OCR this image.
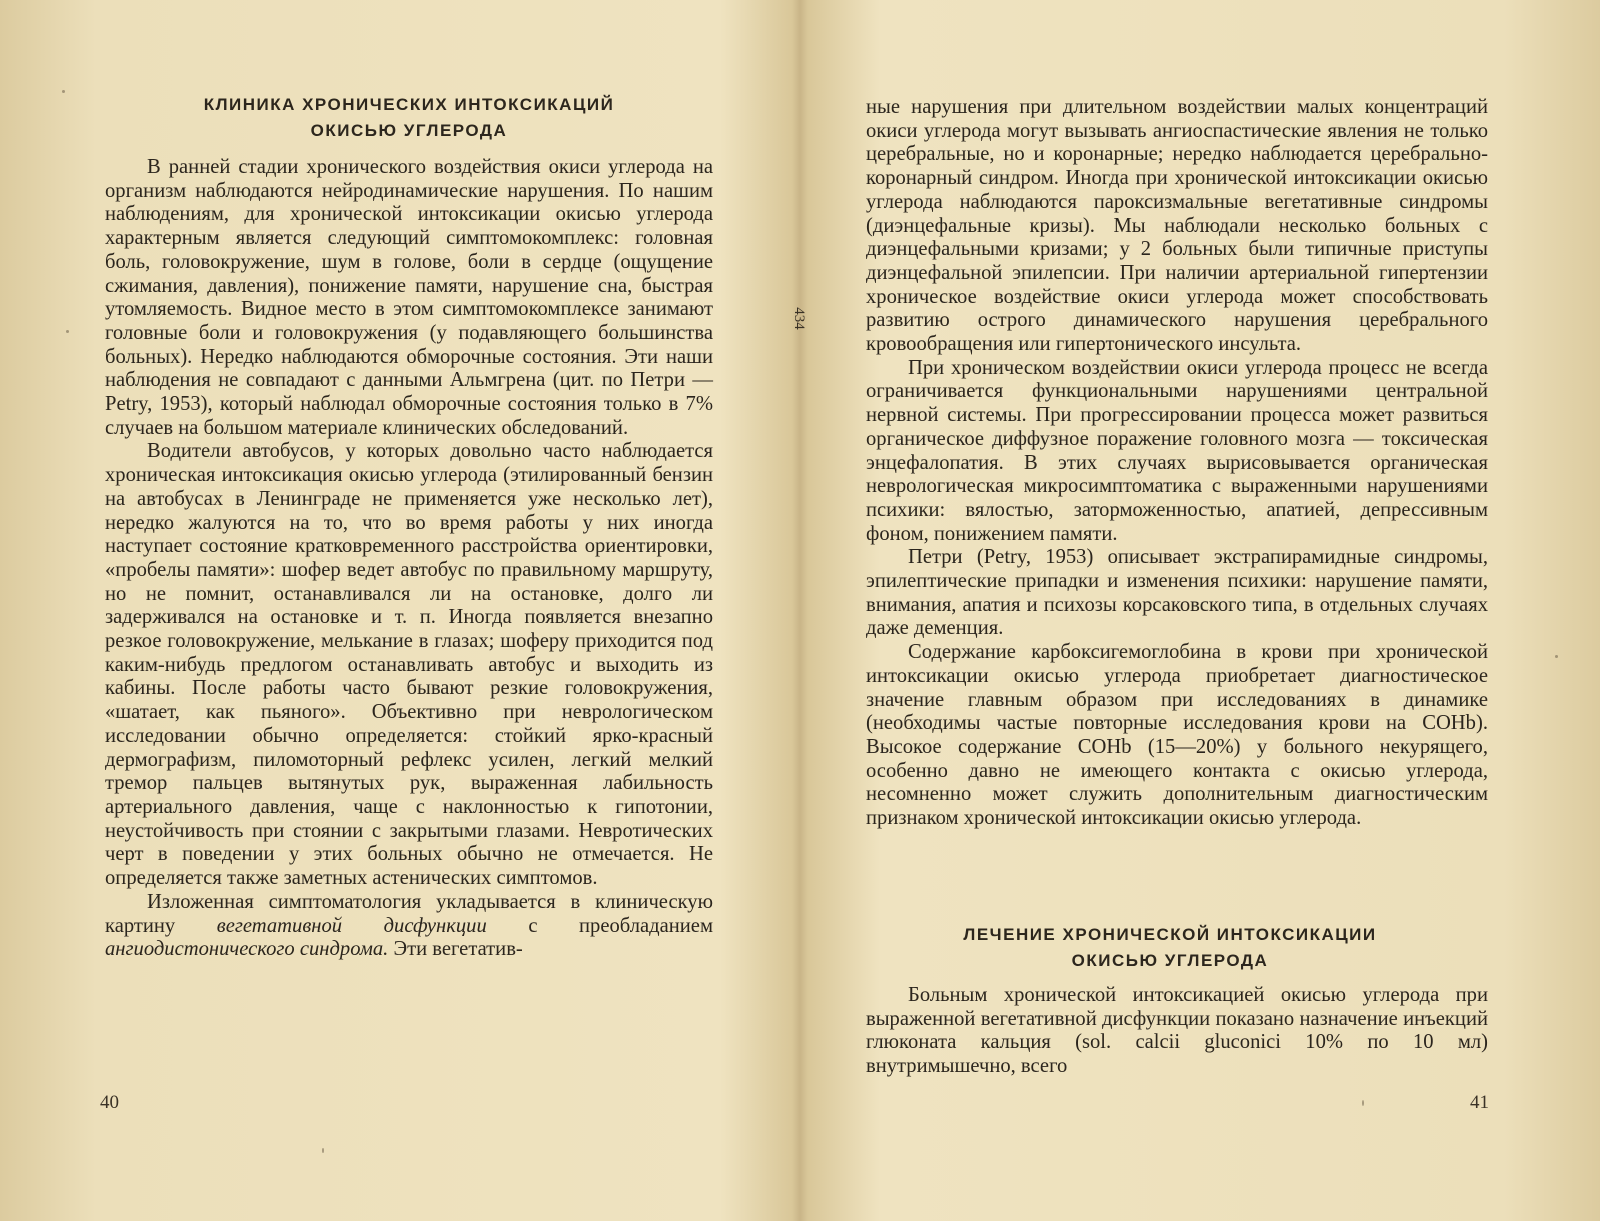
КЛИНИКА ХРОНИЧЕСКИХ ИНТОКСИКАЦИЙ
ОКИСЬЮ УГЛЕРОДА

В ранней стадии хронического воздействия окиси углерода на организм наблюдаются нейродинамические нарушения. По нашим наблюдениям, для хронической интоксикации окисью углерода характерным является следующий симптомокомплекс: головная боль, головокружение, шум в голове, боли в сердце (ощущение сжимания, давления), понижение памяти, нарушение сна, быстрая утомляемость. Видное место в этом симптомокомплексе занимают головные боли и головокружения (у подавляющего большинства больных). Нередко наблюдаются обморочные состояния. Эти наши наблюдения не совпадают с данными Альмгрена (цит. по Петри — Petry, 1953), который наблюдал обморочные состояния только в 7% случаев на большом материале клинических обследований.

Водители автобусов, у которых довольно часто наблюдается хроническая интоксикация окисью углерода (этилированный бензин на автобусах в Ленинграде не применяется уже несколько лет), нередко жалуются на то, что во время работы у них иногда наступает состояние кратковременного расстройства ориентировки, «пробелы памяти»: шофер ведет автобус по правильному маршруту, но не помнит, останавливался ли на остановке, долго ли задерживался на остановке и т. п. Иногда появляется внезапно резкое головокружение, мелькание в глазах; шоферу приходится под каким-нибудь предлогом останавливать автобус и выходить из кабины. После работы часто бывают резкие головокружения, «шатает, как пьяного». Объективно при неврологическом исследовании обычно определяется: стойкий ярко-красный дермографизм, пиломоторный рефлекс усилен, легкий мелкий тремор пальцев вытянутых рук, выраженная лабильность артериального давления, чаще с наклонностью к гипотонии, неустойчивость при стоянии с закрытыми глазами. Невротических черт в поведении у этих больных обычно не отмечается. Не определяется также заметных астенических симптомов.

Изложенная симптоматология укладывается в клиническую картину вегетативной дисфункции с преобладанием ангиодистонического синдрома. Эти вегетатив-

40
434

ные нарушения при длительном воздействии малых концентраций окиси углерода могут вызывать ангиоспастические явления не только церебральные, но и коронарные; нередко наблюдается церебрально-коронарный синдром. Иногда при хронической интоксикации окисью углерода наблюдаются пароксизмальные вегетативные синдромы (диэнцефальные кризы). Мы наблюдали несколько больных с диэнцефальными кризами; у 2 больных были типичные приступы диэнцефальной эпилепсии. При наличии артериальной гипертензии хроническое воздействие окиси углерода может способствовать развитию острого динамического нарушения церебрального кровообращения или гипертонического инсульта.

При хроническом воздействии окиси углерода процесс не всегда ограничивается функциональными нарушениями центральной нервной системы. При прогрессировании процесса может развиться органическое диффузное поражение головного мозга — токсическая энцефалопатия. В этих случаях вырисовывается органическая неврологическая микросимптоматика с выраженными нарушениями психики: вялостью, заторможенностью, апатией, депрессивным фоном, понижением памяти.

Петри (Petry, 1953) описывает экстрапирамидные синдромы, эпилептические припадки и изменения психики: нарушение памяти, внимания, апатия и психозы корсаковского типа, в отдельных случаях даже деменция.

Содержание карбоксигемоглобина в крови при хронической интоксикации окисью углерода приобретает диагностическое значение главным образом при исследованиях в динамике (необходимы частые повторные исследования крови на COHb). Высокое содержание COHb (15—20%) у больного некурящего, особенно давно не имеющего контакта с окисью углерода, несомненно может служить дополнительным диагностическим признаком хронической интоксикации окисью углерода.

ЛЕЧЕНИЕ ХРОНИЧЕСКОЙ ИНТОКСИКАЦИИ
ОКИСЬЮ УГЛЕРОДА

Больным хронической интоксикацией окисью углерода при выраженной вегетативной дисфункции показано назначение инъекций глюконата кальция (sol. calcii gluconici 10% по 10 мл) внутримышечно, всего

41
